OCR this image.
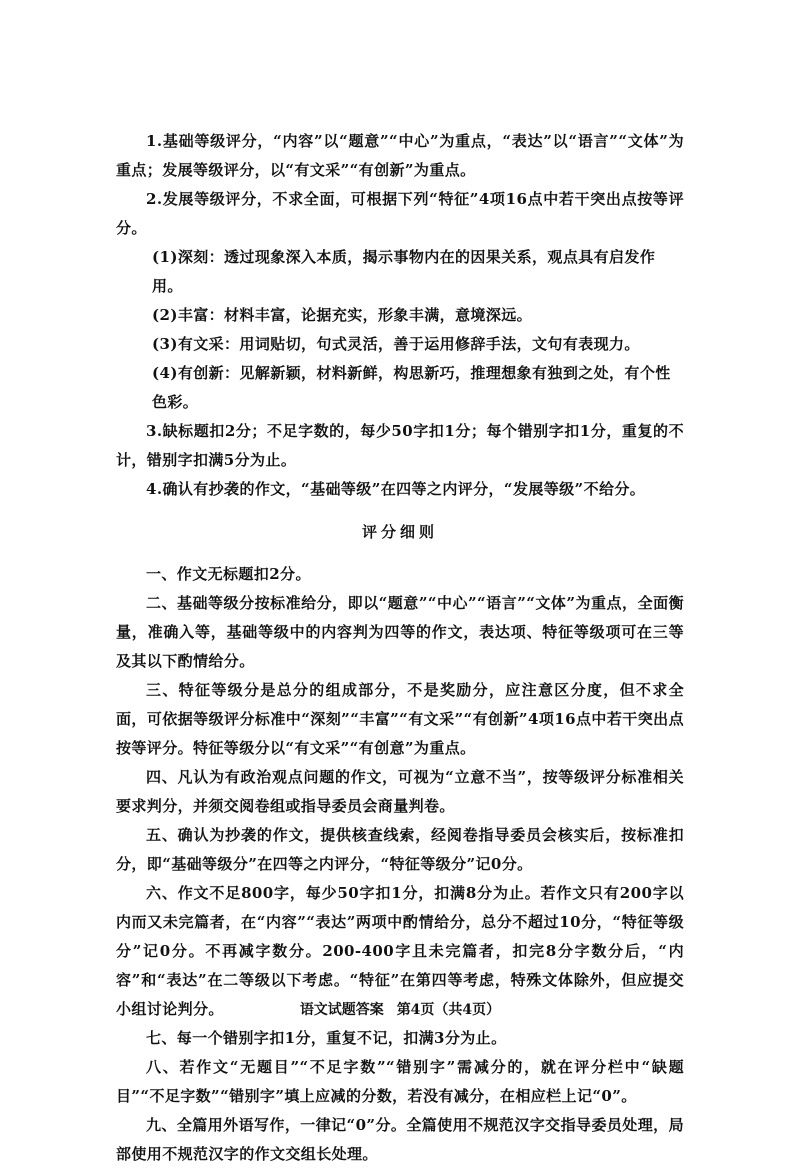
1.基础等级评分，“内容”以“题意”“中心”为重点，“表达”以“语言”“文体”为重点；发展等级评分，以“有文采”“有创新”为重点。

2.发展等级评分，不求全面，可根据下列“特征”4项16点中若干突出点按等评分。

(1)深刻：透过现象深入本质，揭示事物内在的因果关系，观点具有启发作用。

(2)丰富：材料丰富，论据充实，形象丰满，意境深远。

(3)有文采：用词贴切，句式灵活，善于运用修辞手法，文句有表现力。

(4)有创新：见解新颖，材料新鲜，构思新巧，推理想象有独到之处，有个性色彩。

3.缺标题扣2分；不足字数的，每少50字扣1分；每个错别字扣1分，重复的不计，错别字扣满5分为止。

4.确认有抄袭的作文，“基础等级”在四等之内评分，“发展等级”不给分。

评分细则

一、作文无标题扣2分。

二、基础等级分按标准给分，即以“题意”“中心”“语言”“文体”为重点，全面衡量，准确入等，基础等级中的内容判为四等的作文，表达项、特征等级项可在三等及其以下酌情给分。

三、特征等级分是总分的组成部分，不是奖励分，应注意区分度，但不求全面，可依据等级评分标准中“深刻”“丰富”“有文采”“有创新”4项16点中若干突出点按等评分。特征等级分以“有文采”“有创意”为重点。

四、凡认为有政治观点问题的作文，可视为“立意不当”，按等级评分标准相关要求判分，并须交阅卷组或指导委员会商量判卷。

五、确认为抄袭的作文，提供核查线索，经阅卷指导委员会核实后，按标准扣分，即“基础等级分”在四等之内评分，“特征等级分”记0分。

六、作文不足800字，每少50字扣1分，扣满8分为止。若作文只有200字以内而又未完篇者，在“内容”“表达”两项中酌情给分，总分不超过10分，“特征等级分”记0分。不再减字数分。200-400字且未完篇者，扣完8分字数分后，“内容”和“表达”在二等级以下考虑。“特征”在第四等考虑，特殊文体除外，但应提交小组讨论判分。

七、每一个错别字扣1分，重复不记，扣满3分为止。

八、若作文“无题目”“不足字数”“错别字”需减分的，就在评分栏中“缺题目”“不足字数”“错别字”填上应减的分数，若没有减分，在相应栏上记“0”。

九、全篇用外语写作，一律记“0”分。全篇使用不规范汉字交指导委员处理，局部使用不规范汉字的作文交组长处理。

语文试题答案 第4页（共4页）
